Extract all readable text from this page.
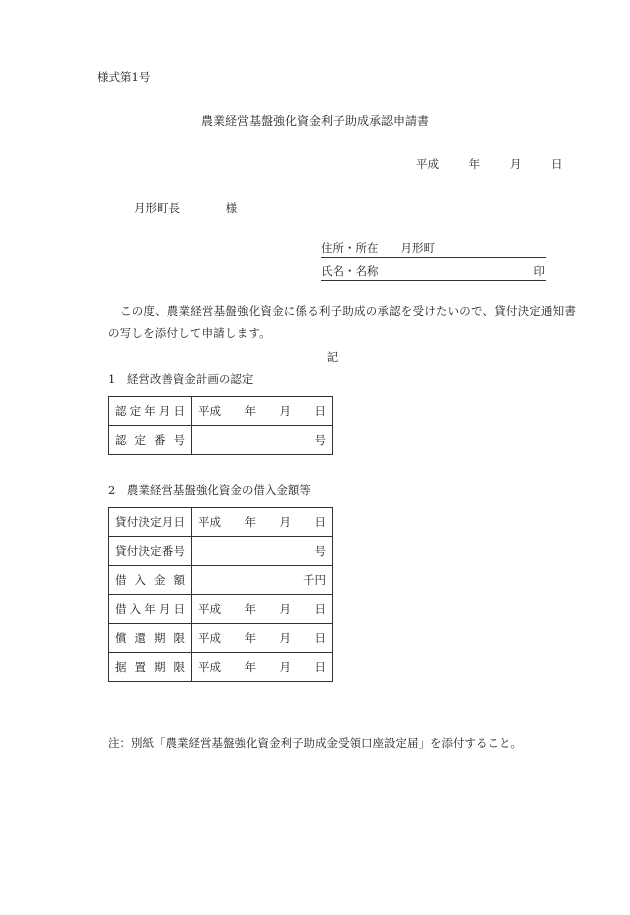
様式第1号
農業経営基盤強化資金利子助成承認申請書
平成	年	月	日
月形町長	様
住所・所在 月形町
氏名・名称	印
この度、農業経営基盤強化資金に係る利子助成の承認を受けたいので、貸付決定通知書の写しを添付して申請します。
記
1　経営改善資金計画の認定
認定年月日	平成 年 月 日

認定番号	号
2　農業経営基盤強化資金の借入金額等
貸付決定月日	平成 年 月 日

貸付決定番号	号
借入金額	千円
借入年月日	平成 年 月 日

償還期限	平成 年 月 日

据置期限	平成 年 月 日
注：別紙「農業経営基盤強化資金利子助成金受領口座設定届」を添付すること。
